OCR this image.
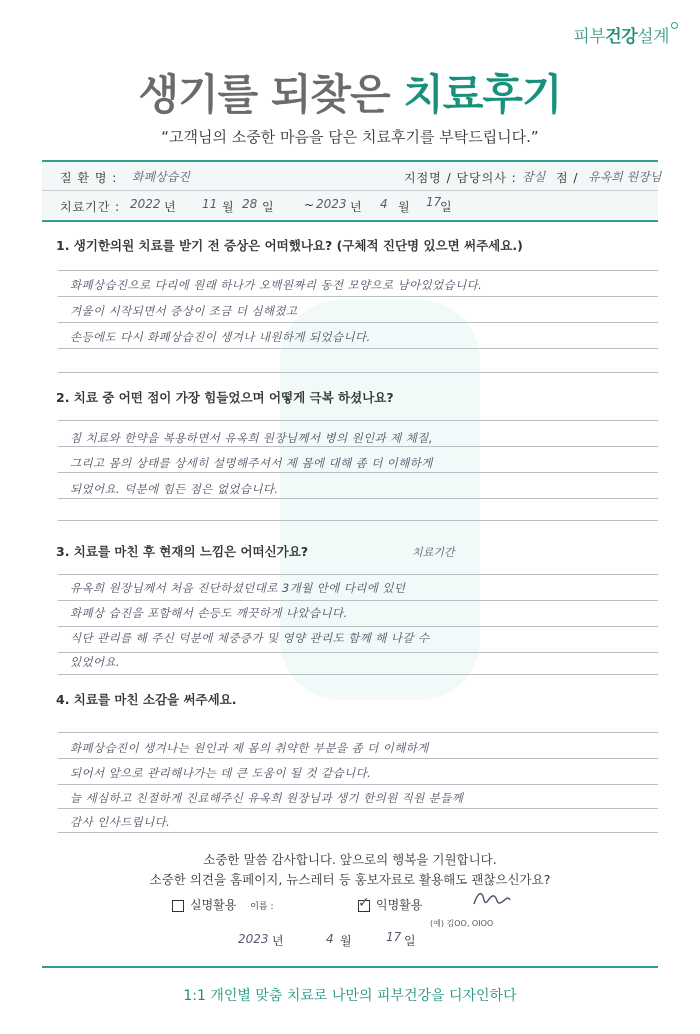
피부건강설계
생기를 되찾은 치료후기
“고객님의 소중한 마음을 담은 치료후기를 부탁드립니다.”
질 환 명 : 화폐상습진	지점명 / 담당의사 : 잠실 점 / 유옥희 원장님
치료기간 : 2022 년 11 월 28 일 ~ 2023 년 4 월 17
일
1. 생기한의원 치료를 받기 전 증상은 어떠했나요? (구체적 진단명 있으면 써주세요.)
화폐상습진으로 다리에 원래 하나가 오백원짜리 동전 모양으로 남아있었습니다.
겨울이 시작되면서 증상이 조금 더 심해졌고
손등에도 다시 화폐상습진이 생겨나 내원하게 되었습니다.
2. 치료 중 어떤 점이 가장 힘들었으며 어떻게 극복 하셨나요?
침 치료와 한약을 복용하면서 유옥희 원장님께서 병의 원인과 제 체질,
그리고 몸의 상태를 상세히 설명해주셔서 제 몸에 대해 좀 더 이해하게
되었어요. 덕분에 힘든 점은 없었습니다.
3. 치료를 마친 후 현재의 느낌은 어떠신가요?	치료기간
유옥희 원장님께서 처음 진단하셨던대로 3개월 안에 다리에 있던
화폐상 습진을 포함해서 손등도 깨끗하게 나았습니다.
식단 관리를 해 주신 덕분에 체중증가 및 영양 관리도 함께 해 나갈 수
있었어요.
4. 치료를 마친 소감을 써주세요.
화폐상습진이 생겨나는 원인과 제 몸의 취약한 부분을 좀 더 이해하게
되어서 앞으로 관리해나가는 데 큰 도움이 될 것 같습니다.
늘 세심하고 친절하게 진료해주신 유옥희 원장님과 생기 한의원 직원 분들께
감사 인사드립니다.
소중한 말씀 감사합니다. 앞으로의 행복을 기원합니다.
소중한 의견을 홈페이지, 뉴스레터 등 홍보자료로 활용해도 괜찮으신가요?
실명활용 이름 :	✓ 익명활용
(예) 김OO, OIOO
2023 년	4 월	17 일
1:1 개인별 맞춤 치료로 나만의 피부건강을 디자인하다
